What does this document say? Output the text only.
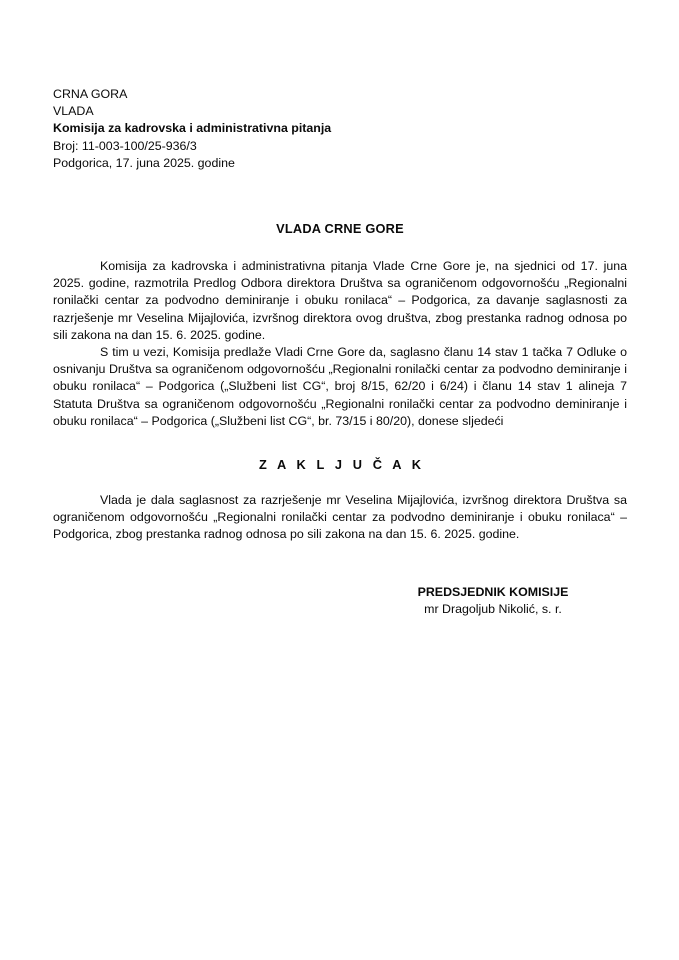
CRNA GORA
VLADA
Komisija za kadrovska i administrativna pitanja
Broj: 11-003-100/25-936/3
Podgorica, 17. juna 2025. godine
VLADA CRNE GORE

Komisija za kadrovska i administrativna pitanja Vlade Crne Gore je, na sjednici od 17. juna 2025. godine, razmotrila Predlog Odbora direktora Društva sa ograničenom odgovornošću „Regionalni ronilački centar za podvodno deminiranje i obuku ronilaca“ – Podgorica, za davanje saglasnosti za razrješenje mr Veselina Mijajlovića, izvršnog direktora ovog društva, zbog prestanka radnog odnosa po sili zakona na dan 15. 6. 2025. godine.

S tim u vezi, Komisija predlaže Vladi Crne Gore da, saglasno članu 14 stav 1 tačka 7 Odluke o osnivanju Društva sa ograničenom odgovornošću „Regionalni ronilački centar za podvodno deminiranje i obuku ronilaca“ – Podgorica („Službeni list CG“, broj 8/15, 62/20 i 6/24) i članu 14 stav 1 alineja 7 Statuta Društva sa ograničenom odgovornošću „Regionalni ronilački centar za podvodno deminiranje i obuku ronilaca“ – Podgorica („Službeni list CG“, br. 73/15 i 80/20), donese sljedeći

Z A K L J U Č A K

Vlada je dala saglasnost za razrješenje mr Veselina Mijajlovića, izvršnog direktora Društva sa ograničenom odgovornošću „Regionalni ronilački centar za podvodno deminiranje i obuku ronilaca“ – Podgorica, zbog prestanka radnog odnosa po sili zakona na dan 15. 6. 2025. godine.

PREDSJEDNIK KOMISIJE
mr Dragoljub Nikolić, s. r.
